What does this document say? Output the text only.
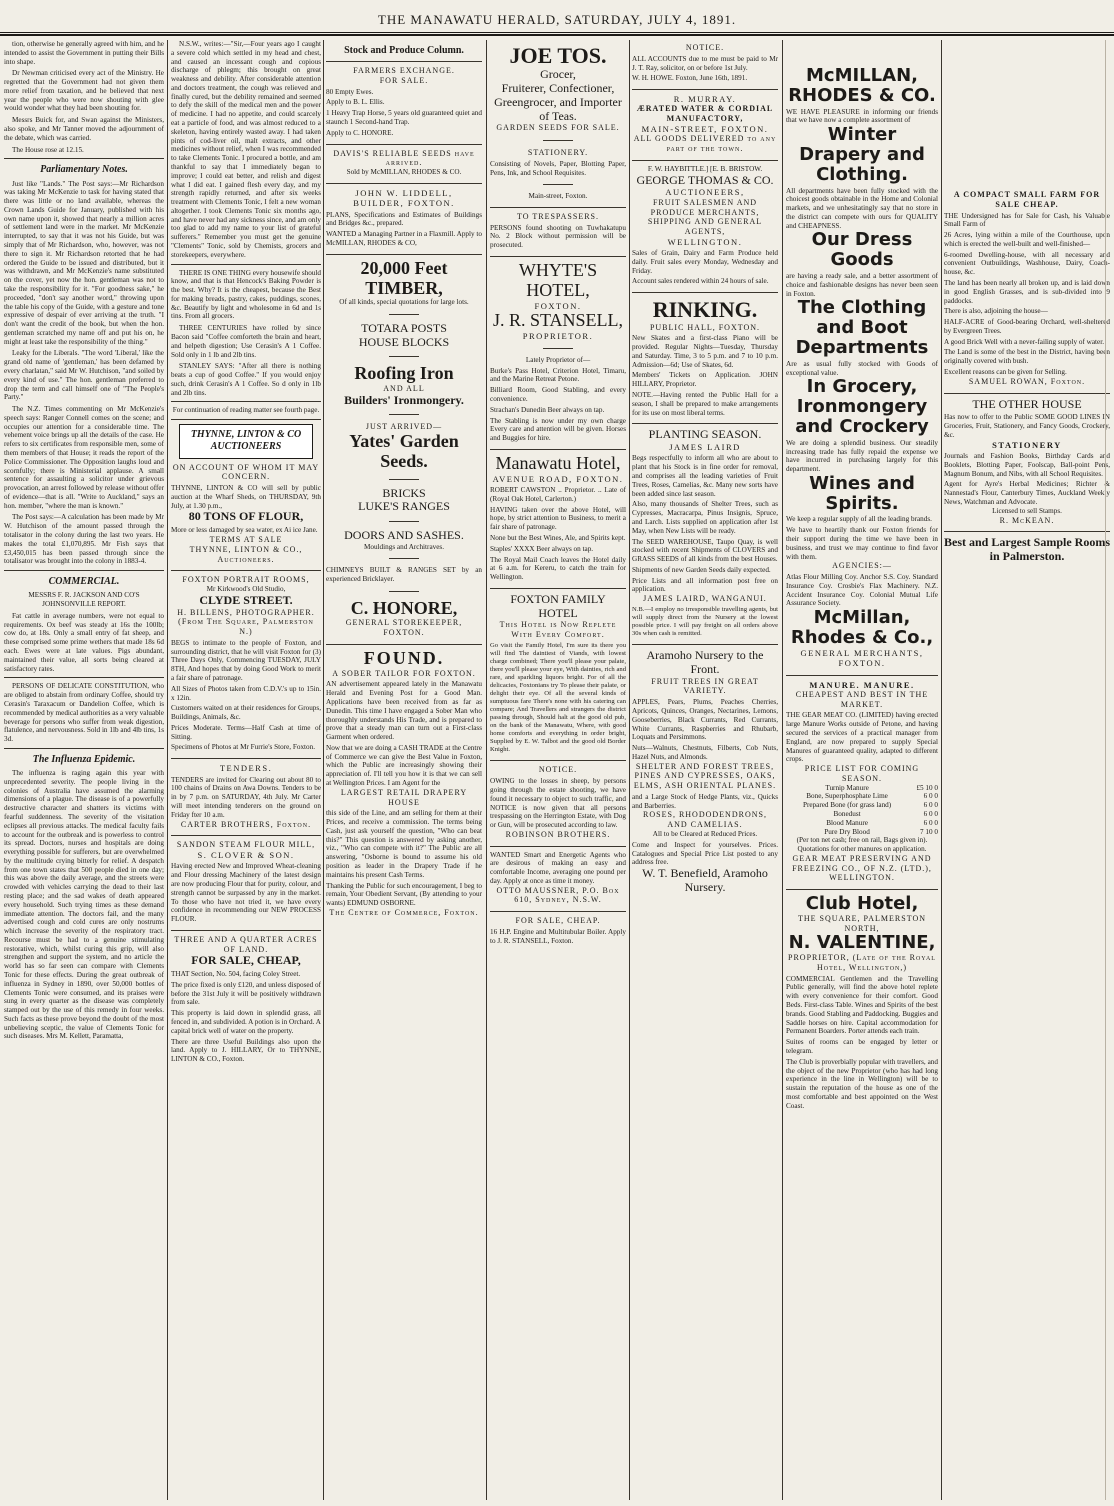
THE MANAWATU HERALD, SATURDAY, JULY 4, 1891.

tion, otherwise he generally agreed with him, and he intended to assist the Government in putting their Bills into shape.

Dr Newman criticised every act of the Ministry. He regretted that the Government had not given them more relief from taxation, and he believed that next year the people who were now shouting with glee would wonder what they had been shouting for.

Messrs Buick for, and Swan against the Ministers, also spoke, and Mr Tanner moved the adjournment of the debate, which was carried.

The House rose at 12.15.

Parliamentary Notes.

Just like "Lands." The Post says:—Mr Richardson was taking Mr McKenzie to task for having stated that there was little or no land available, whereas the Crown Lands Guide for January, published with his own name upon it, showed that nearly a million acres of settlement land were in the market. Mr McKenzie interrupted, to say that it was not his Guide, but was simply that of Mr Richardson, who, however, was not there to sign it. Mr Richardson retorted that he had ordered the Guide to be issued and distributed, but it was withdrawn, and Mr McKenzie's name substituted on the cover, yet now the hon. gentleman was not to take the responsibility for it. "For goodness sake," he proceeded, "don't say another word," throwing upon the table his copy of the Guide, with a gesture and tone expressive of despair of ever arriving at the truth. "I don't want the credit of the book, but when the hon. gentleman scratched my name off and put his on, he might at least take the responsibility of the thing."

Leaky for the Liberals. "The word 'Liberal,' like the grand old name of 'gentleman,' has been defamed by every charlatan," said Mr W. Hutchison, "and soiled by every kind of use." The hon. gentleman preferred to drop the term and call himself one of "The People's Party."

The N.Z. Times commenting on Mr McKenzie's speech says: Ranger Connell comes on the scene; and occupies our attention for a considerable time. The vehement voice brings up all the details of the case. He refers to six certificates from responsible men, some of them members of that House; it reads the report of the Police Commissioner. The Opposition laughs loud and scornfully; there is Ministerial applause. A small sentence for assaulting a solicitor under grievous provocation, an arrest followed by release without offer of evidence—that is all. "Write to Auckland," says an hon. member, "where the man is known."

The Post says:—A calculation has been made by Mr W. Hutchison of the amount passed through the totalisator in the colony during the last two years. He makes the total £1,070,895. Mr Fish says that £3,450,015 has been passed through since the totalisator was brought into the colony in 1883-4.

COMMERCIAL.

MESSRS F. R. JACKSON AND CO'S JOHNSONVILLE REPORT.

Fat cattle in average numbers, were not equal to requirements. Ox beef was steady at 16s the 100lb; cow do, at 18s. Only a small entry of fat sheep, and these comprised some prime wethers that made 18s 6d each. Ewes were at late values. Pigs abundant, maintained their value, all sorts being cleared at satisfactory rates.

PERSONS OF DELICATE CONSTITUTION, who are obliged to abstain from ordinary Coffee, should try Cerasin's Taraxacum or Dandelion Coffee, which is recommended by medical authorities as a very valuable beverage for persons who suffer from weak digestion, flatulence, and nervousness. Sold in 1lb and 4lb tins, 1s 3d.

The Influenza Epidemic.

The influenza is raging again this year with unprecedented severity. The people living in the colonies of Australia have assumed the alarming dimensions of a plague. The disease is of a powerfully destructive character and shatters its victims with fearful suddenness. The severity of the visitation eclipses all previous attacks. The medical faculty fails to account for the outbreak and is powerless to control its spread. Doctors, nurses and hospitals are doing everything possible for sufferers, but are overwhelmed by the multitude crying bitterly for relief. A despatch from one town states that 500 people died in one day; this was above the daily average, and the streets were crowded with vehicles carrying the dead to their last resting place; and the sad wakes of death appeared every household. Such trying times as these demand immediate attention. The doctors fail, and the many advertised cough and cold cures are only nostrums which increase the severity of the respiratory tract. Recourse must be had to a genuine stimulating restorative, which, whilst curing this grip, will also strengthen and support the system, and no article the world has so far seen can compare with Clements Tonic for these effects. During the great outbreak of influenza in Sydney in 1890, over 50,000 bottles of Clements Tonic were consumed, and its praises were sung in every quarter as the disease was completely stamped out by the use of this remedy in four weeks. Such facts as these prove beyond the doubt of the most unbelieving sceptic, the value of Clements Tonic for such diseases. Mrs M. Kellett, Paramatta,

N.S.W., writes:—"Sir,—Four years ago I caught a severe cold which settled in my head and chest, and caused an incessant cough and copious discharge of phlegm; this brought on great weakness and debility. After considerable attention and doctors treatment, the cough was relieved and finally cured, but the debility remained and seemed to defy the skill of the medical men and the power of medicine. I had no appetite, and could scarcely eat a particle of food, and was almost reduced to a skeleton, having entirely wasted away. I had taken pints of cod-liver oil, malt extracts, and other medicines without relief, when I was recommended to take Clements Tonic. I procured a bottle, and am thankful to say that I immediately began to improve; I could eat better, and relish and digest what I did eat. I gained flesh every day, and my strength rapidly returned, and after six weeks treatment with Clements Tonic, I felt a new woman altogether. I took Clements Tonic six months ago, and have never had any sickness since, and am only too glad to add my name to your list of grateful sufferers." Remember you must get the genuine "Clements" Tonic, sold by Chemists, grocers and storekeepers, everywhere.

THERE IS ONE THING every housewife should know, and that is that Hencock's Baking Powder is the best. Why? It is the cheapest, because the Best for making breads, pastry, cakes, puddings, scones, &c. Beautify by light and wholesome in 6d and 1s tins. From all grocers.

THREE CENTURIES have rolled by since Bacon said "Coffee comforteth the brain and heart, and helpeth digestion; Use Cerasin's A 1 Coffee. Sold only in 1 lb and 2lb tins.

STANLEY SAYS: "After all there is nothing beats a cup of good Coffee." If you would enjoy such, drink Cerasin's A 1 Coffee. So d only in 1lb and 2lb tins.

For continuation of reading matter see fourth page.

THYNNE, LINTON & CO AUCTIONEERS
ON ACCOUNT OF WHOM IT MAY CONCERN.
THYNNE, LINTON & CO will sell by public auction at the Wharf Sheds, on THURSDAY, 9th July, at 1.30 p.m.,
80 TONS OF FLOUR,
More or less damaged by sea water, ex Ai ice Jane.
TERMS AT SALE
THYNNE, LINTON & CO., Auctioneers.
FOXTON PORTRAIT ROOMS,
Mr Kirkwood's Old Studio,
CLYDE STREET.
H. BILLENS, PHOTOGRAPHER. (From The Square, Palmerston N.)
BEGS to intimate to the people of Foxton, and surrounding district, that he will visit Foxton for (3) Three Days Only, Commencing TUESDAY, JULY 8TH, And hopes that by doing Good Work to merit a fair share of patronage.
All Sizes of Photos taken from C.D.V.'s up to 15in. x 12in.
Customers waited on at their residences for Groups, Buildings, Animals, &c.
Prices Moderate. Terms—Half Cash at time of Sitting.
Specimens of Photos at Mr Furrie's Store, Foxton.
TENDERS.
TENDERS are invited for Clearing out about 80 to 100 chains of Drains on Awa Downs. Tenders to be in by 7 p.m. on SATURDAY, 4th July. Mr Carter will meet intending tenderers on the ground on Friday fter 10 a.m.
CARTER BROTHERS, Foxton.
SANDON STEAM FLOUR MILL,
S. CLOVER & SON.
Having erected New and Improved Wheat-cleaning and Flour dressing Machinery of the latest design are now producing Flour that for purity, colour, and strength cannot be surpassed by any in the market. To those who have not tried it, we have every confidence in recommending our NEW PROCESS FLOUR.
THREE AND A QUARTER ACRES OF LAND.
FOR SALE, CHEAP,
THAT Section, No. 504, facing Coley Street.
The price fixed is only £120, and unless disposed of before the 31st July it will be positively withdrawn from sale.
This property is laid down in splendid grass, all fenced in, and subdivided. A potion is in Orchard. A capital brick well of water on the property.
There are three Useful Buildings also upon the land. Apply to J. HILLARY, Or to THYNNE, LINTON & CO., Foxton.
Stock and Produce Column.
FARMERS EXCHANGE.
FOR SALE.
80 Empty Ewes.
Apply to B. L. Ellis.
1 Heavy Trap Horse, 5 years old guaranteed quiet and staunch 1 Second-hand Trap.
Apply to C. HONORE.
DAVIS'S RELIABLE SEEDS have arrived.
Sold by McMILLAN, RHODES & CO.
JOHN W. LIDDELL,
BUILDER, FOXTON.
PLANS, Specifications and Estimates of Buildings and Bridges &c., prepared.
WANTED a Managing Partner in a Flaxmill. Apply to McMILLAN, RHODES & CO,
20,000 Feet TIMBER,
Of all kinds, special quotations for large lots.
TOTARA POSTS
HOUSE BLOCKS
Roofing Iron
AND ALL
Builders' Ironmongery.
JUST ARRIVED—
Yates' Garden Seeds.
BRICKS
LUKE'S RANGES
DOORS AND SASHES.
Mouldings and Architraves.
CHIMNEYS BUILT & RANGES SET by an experienced Bricklayer.
C. HONORE,
GENERAL STOREKEEPER, FOXTON.
FOUND.
A SOBER TAILOR FOR FOXTON.
AN advertisement appeared lately in the Manawatu Herald and Evening Post for a Good Man. Applications have been received from as far as Dunedin. This time I have engaged a Sober Man who thoroughly understands His Trade, and is prepared to prove that a steady man can turn out a First-class Garment when ordered.
Now that we are doing a CASH TRADE at the Centre of Commerce we can give the Best Value in Foxton, which the Public are increasingly showing their appreciation of. I'll tell you how it is that we can sell at Wellington Prices. I am Agent for the
LARGEST RETAIL DRAPERY HOUSE
this side of the Line, and am selling for them at their Prices, and receive a commission. The terms being Cash, just ask yourself the question, "Who can beat this?" This question is answered by asking another, viz., "Who can compete with it?" The Public are all answering, "Osborne is bound to assume his old position as leader in the Drapery Trade if he maintains his present Cash Terms.
Thanking the Public for such encouragement, I beg to remain, Your Obedient Servant, (By attending to your wants) EDMUND OSBORNE.
The Centre of Commerce, Foxton.
JOE TOS.
Grocer,
Fruiterer, Confectioner,
Greengrocer, and Importer of Teas.
GARDEN SEEDS FOR SALE.
STATIONERY.
Consisting of Novels, Paper, Blotting Paper, Pens, Ink, and School Requisites.
Main-street, Foxton.
TO TRESPASSERS.
PERSONS found shooting on Tuwhakatupu No. 2 Block without permission will be prosecuted.
WHYTE'S HOTEL,
FOXTON.
J. R. STANSELL,
PROPRIETOR.
Lately Proprietor of—
Burke's Pass Hotel, Criterion Hotel, Timaru, and the Marine Retreat Petone.
Billiard Room, Good Stabling, and every convenience.
Strachan's Dunedin Beer always on tap.
The Stabling is now under my own charge Every care and attention will be given. Horses and Buggies for hire.
Manawatu Hotel,
AVENUE ROAD, FOXTON.
ROBERT CAWSTON .. Proprietor. .. Late of (Royal Oak Hotel, Carlerton.)
HAVING taken over the above Hotel, will hope, by strict attention to Business, to merit a fair share of patronage.
None but the Best Wines, Ale, and Spirits kept.
Staples' XXXX Beer always on tap.
The Royal Mail Coach leaves the Hotel daily at 6 a.m. for Kereru, to catch the train for Wellington.
FOXTON FAMILY HOTEL
This Hotel is Now Replete With Every Comfort.
Go visit the Family Hotel, I'm sure its there you will find The daintiest of Viands, with lowest charge combined; There you'll please your palate, there you'll please your eye, With dainties, rich and rare, and sparkling liquors bright. For of all the delicacies, Foxtonians try To please their palate, or delight their eye. Of all the several kinds of sumptuous fare There's none with his catering can compare; And Travellers and strangers the district passing through, Should halt at the good old pub, on the bank of the Manawatu, Where, with good home comforts and everything in order bright, Supplied by E. W. Talbot and the good old Border Knight.
NOTICE.
OWING to the losses in sheep, by persons going through the estate shooting, we have found it necessary to object to such traffic, and NOTICE is now given that all persons trespassing on the Herrington Estate, with Dog or Gun, will be prosecuted according to law.
ROBINSON BROTHERS.
WANTED Smart and Energetic Agents who are desirous of making an easy and comfortable Income, averaging one pound per day. Apply at once as time it money.
OTTO MAUSSNER, P.O. Box 610, Sydney, N.S.W.
FOR SALE, CHEAP.
16 H.P. Engine and Multitubular Boiler. Apply to J. R. STANSELL, Foxton.
NOTICE.
ALL ACCOUNTS due to me must be paid to Mr J. T. Ray, solicitor, on or before 1st July.
W. H. HOWE. Foxton, June 16th, 1891.
R. MURRAY.
ÆRATED WATER & CORDIAL MANUFACTORY,
MAIN-STREET, FOXTON.
ALL GOODS DELIVERED to any part of the town.
F. W. HAYBITTLE.] [E. B. BRISTOW.
GEORGE THOMAS & CO.
AUCTIONEERS,
FRUIT SALESMEN AND PRODUCE MERCHANTS, SHIPPING AND GENERAL AGENTS,
WELLINGTON.
Sales of Grain, Dairy and Farm Produce held daily. Fruit sales every Monday, Wednesday and Friday.
Account sales rendered within 24 hours of sale.
RINKING.
PUBLIC HALL, FOXTON.
New Skates and a first-class Piano will be provided. Regular Nights—Tuesday, Thursday and Saturday. Time, 3 to 5 p.m. and 7 to 10 p.m. Admission—6d; Use of Skates, 6d.
Members' Tickets on Application. JOHN HILLARY, Proprietor.
NOTE.—Having rented the Public Hall for a season, I shall be prepared to make arrangements for its use on most liberal terms.
PLANTING SEASON.
JAMES LAIRD
Begs respectfully to inform all who are about to plant that his Stock is in fine order for removal, and comprises all the leading varieties of Fruit Trees, Roses, Camelias, &c. Many new sorts have been added since last season.
Also, many thousands of Shelter Trees, such as Cypresses, Macracarpa, Pinus Insignis, Spruce, and Larch. Lists supplied on application after 1st May, when New Lists will be ready.
The SEED WAREHOUSE, Taupo Quay, is well stocked with recent Shipments of CLOVERS and GRASS SEEDS of all kinds from the best Houses.
Shipments of new Garden Seeds daily expected.
Price Lists and all information post free on application.
JAMES LAIRD, WANGANUI.
N.B.—I employ no irresponsible travelling agents, but will supply direct from the Nursery at the lowest possible price. I will pay freight on all orders above 30s when cash is remitted.
Aramoho Nursery to the Front.
FRUIT TREES IN GREAT VARIETY.
APPLES, Pears, Plums, Peaches Cherries, Apricots, Quinces, Oranges, Nectarines, Lemons, Gooseberries, Black Currants, Red Currants, White Currants, Raspberries and Rhubarb, Loquats and Persimmons.
Nuts—Walnuts, Chestnuts, Filberts, Cob Nuts, Hazel Nuts, and Almonds.
SHELTER AND FOREST TREES, PINES AND CYPRESSES, OAKS, ELMS, ASH ORIENTAL PLANES.
and a Large Stock of Hedge Plants, viz., Quicks and Barberries.
ROSES, RHODODENDRONS, AND CAMELIAS.
All to be Cleared at Reduced Prices.
Come and Inspect for yourselves. Prices. Catalogues and Special Price List posted to any address free.
W. T. Benefield, Aramoho Nursery.
McMILLAN, RHODES & CO.
WE HAVE PLEASURE in informing our friends that we have now a complete assortment of
Winter Drapery and Clothing.
All departments have been fully stocked with the choicest goods obtainable in the Home and Colonial markets, and we unhesitatingly say that no store in the district can compete with ours for QUALITY and CHEAPNESS.
Our Dress Goods
are having a ready sale, and a better assortment of choice and fashionable designs has never been seen in Foxton.
The Clothing and Boot Departments
Are as usual fully stocked with Goods of exceptional value.
In Grocery, Ironmongery and Crockery
We are doing a splendid business. Our steadily increasing trade has fully repaid the expense we have incurred in purchasing largely for this department.
Wines and Spirits.
We keep a regular supply of all the leading brands.
We have to heartily thank our Foxton friends for their support during the time we have been in business, and trust we may continue to find favor with them.
AGENCIES:—
Atlas Flour Milling Coy. Anchor S.S. Coy. Standard Insurance Coy. Crosbie's Flax Machinery. N.Z. Accident Insurance Coy. Colonial Mutual Life Assurance Society.
McMillan, Rhodes & Co.,
GENERAL MERCHANTS, FOXTON.
MANURE. MANURE.
CHEAPEST AND BEST IN THE MARKET.
THE GEAR MEAT CO. (LIMITED) having erected large Manure Works outside of Petone, and having secured the services of a practical manager from England, are now prepared to supply Special Manures of guaranteed quality, adapted to different crops.
PRICE LIST FOR COMING SEASON.
Turnip Manure	£5 10 0
Bone, Superphosphate Lime	6 0 0
Prepared Bone (for grass land)	6 0 0
Bonedust	6 0 0
Blood Manure	6 0 0
Pure Dry Blood	7 10 0
(Per ton net cash; free on rail, Bags given in).
Quotations for other manures on application.
GEAR MEAT PRESERVING AND FREEZING CO., OF N.Z. (LTD.), WELLINGTON.
Club Hotel,
THE SQUARE, PALMERSTON NORTH,
N. VALENTINE,
PROPRIETOR, (Late of the Royal Hotel, Wellington,)
COMMERCIAL Gentlemen and the Travelling Public generally, will find the above hotel replete with every convenience for their comfort. Good Beds. First-class Table. Wines and Spirits of the best brands. Good Stabling and Paddocking. Buggies and Saddle horses on hire. Capital accommodation for Permanent Boarders. Porter attends each train.
Suites of rooms can be engaged by letter or telegram.
The Club is proverbially popular with travellers, and the object of the new Proprietor (who has had long experience in the line in Wellington) will be to sustain the reputation of the house as one of the most comfortable and best appointed on the West Coast.
A COMPACT SMALL FARM FOR SALE CHEAP.
THE Undersigned has for Sale for Cash, his Valuable Small Farm of
26 Acres, lying within a mile of the Courthouse, upon which is erected the well-built and well-finished—
6-roomed Dwelling-house, with all necessary and convenient Outbuildings, Washhouse, Dairy, Coach-house, &c.
The land has been nearly all broken up, and is laid down in good English Grasses, and is sub-divided into 9 paddocks.
There is also, adjoining the house—
HALF-ACRE of Good-bearing Orchard, well-sheltered by Evergreen Trees.
A good Brick Well with a never-failing supply of water.
The Land is some of the best in the District, having been originally covered with bush.
Excellent reasons can be given for Selling.
SAMUEL ROWAN, Foxton.
THE OTHER HOUSE
Has now to offer to the Public SOME GOOD LINES IN Groceries, Fruit, Stationery, and Fancy Goods, Crockery, &c.
STATIONERY
Journals and Fashion Books, Birthday Cards and Booklets, Blotting Paper, Foolscap, Ball-point Pens, Magnum Bonum, and Nibs, with all School Requisites.
Agent for Ayre's Herbal Medicines; Richter & Nannestad's Flour, Canterbury Times, Auckland Weekly News, Watchman and Advocate.
Licensed to sell Stamps.
R. McKEAN.
Best and Largest Sample Rooms in Palmerston.
